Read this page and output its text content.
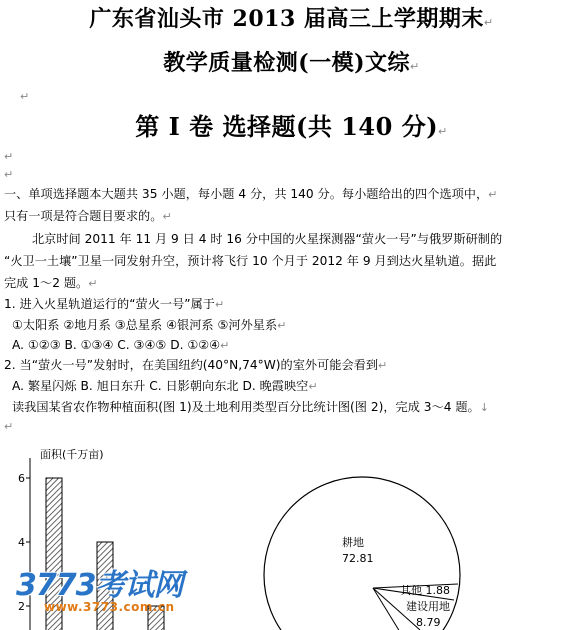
广东省汕头市 2013 届高三上学期期末↵
教学质量检测(一模)文综↵
↵
第 I 卷 选择题(共 140 分)↵
↵
↵
一、单项选择题本大题共 35 小题，每小题 4 分，共 140 分。每小题给出的四个选项中，↵
只有一项是符合题目要求的。↵
北京时间 2011 年 11 月 9 日 4 时 16 分中国的火星探测器“萤火一号”与俄罗斯研制的
“火卫一土壤”卫星一同发射升空，预计将飞行 10 个月于 2012 年 9 月到达火星轨道。据此
完成 1～2 题。↵
1. 进入火星轨道运行的“萤火一号”属于↵
①太阳系 ②地月系 ③总星系 ④银河系 ⑤河外星系↵
A. ①②③ B. ①③④ C. ③④⑤ D. ①②④↵
2. 当“萤火一号”发射时，在美国纽约(40°N,74°W)的室外可能会看到↵
A. 繁星闪烁 B. 旭日东升 C. 日影朝向东北 D. 晚霞映空↵
读我国某省农作物种植面积(图 1)及土地利用类型百分比统计图(图 2)，完成 3～4 题。↓
↵
面积(千万亩)
2
4
6
耕地
72.81
其他 1.88
建设用地
8.79
3773考试网
www.3773.com.cn
